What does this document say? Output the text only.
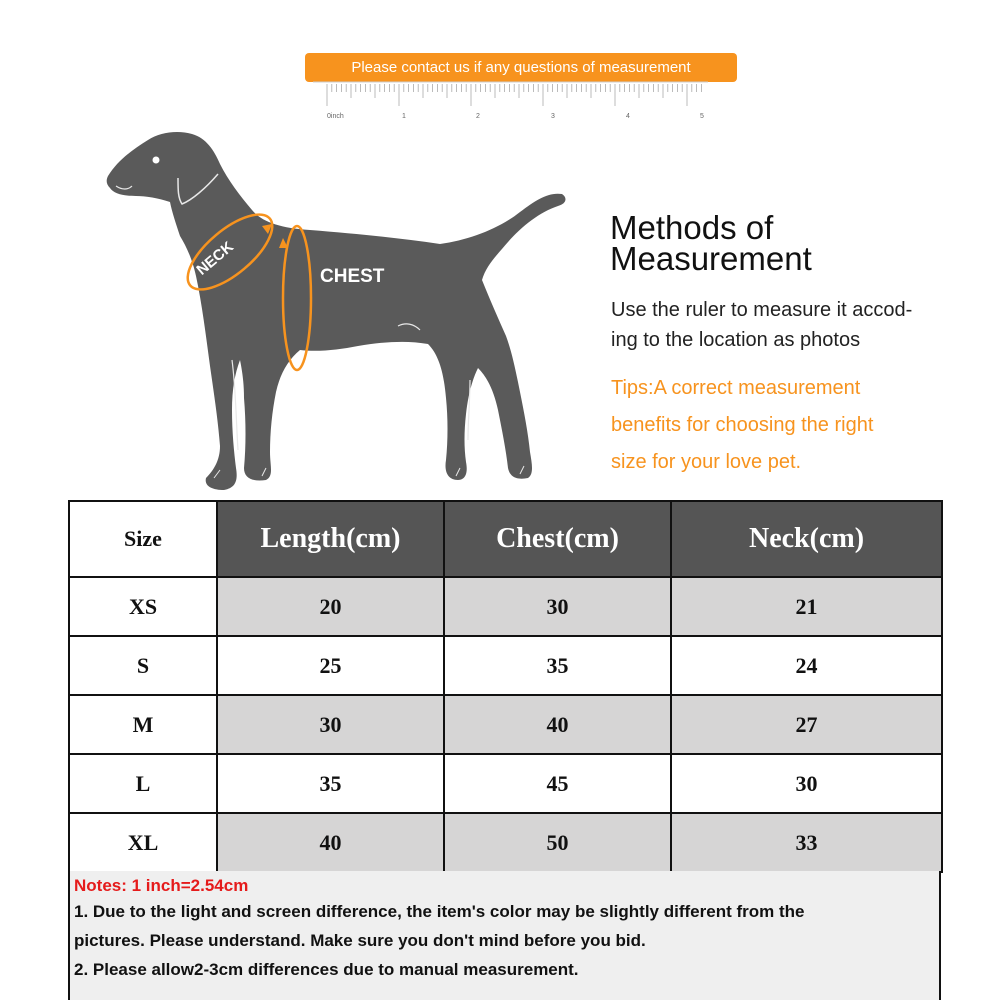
Please contact us if any questions of measurement
0inch	1	2	3	4	5
NECK	CHEST
Methods of
Measurement
Use the ruler to measure it accod-
ing to the location as photos
Tips:A correct measurement
benefits for choosing the right
size for your love pet.
Size	Length(cm)	Chest(cm)	Neck(cm)
XS	20	30	21
S	25	35	24
M	30	40	27
L	35	45	30
XL	40	50	33
Notes: 1 inch=2.54cm
1. Due to the light and screen difference, the item's color may be slightly different from the
pictures. Please understand. Make sure you don't mind before you bid.
2. Please allow2-3cm differences due to manual measurement.
